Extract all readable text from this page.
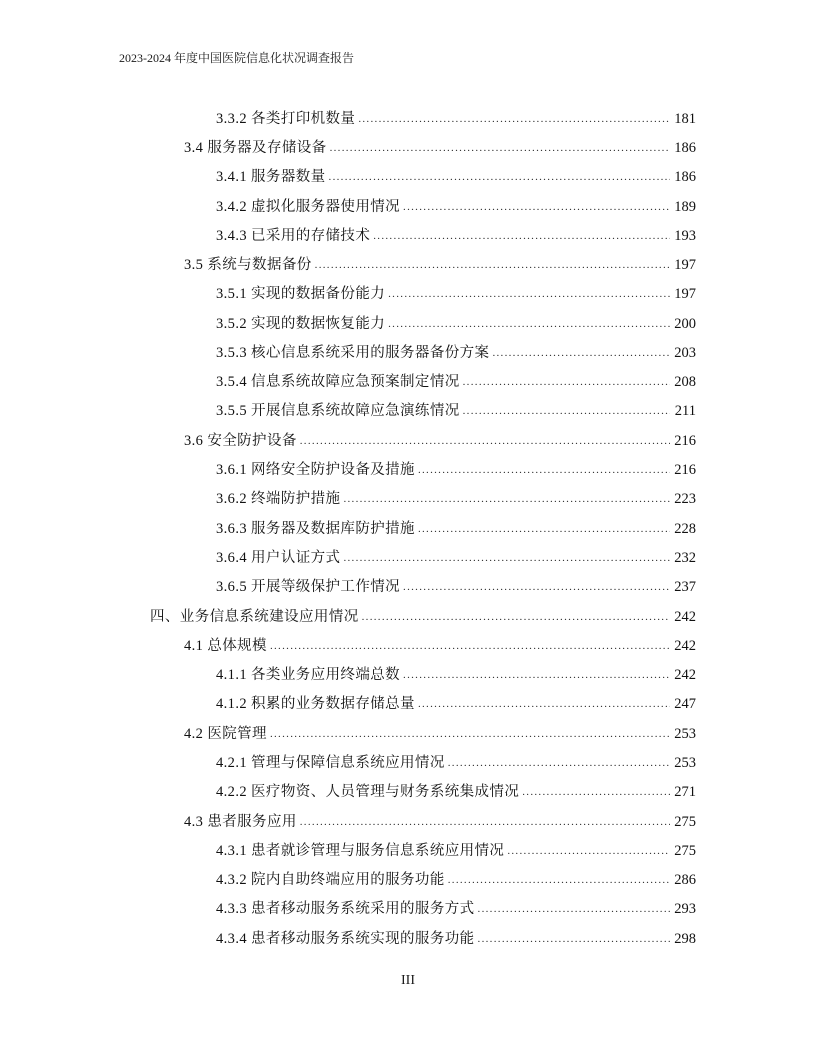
2023-2024 年度中国医院信息化状况调查报告
3.3.2 各类打印机数量 .....	181
3.4 服务器及存储设备 .....	186
3.4.1 服务器数量 .....	186
3.4.2 虚拟化服务器使用情况 .....	189
3.4.3 已采用的存储技术 .....	193
3.5 系统与数据备份 .....	197
3.5.1 实现的数据备份能力 .....	197
3.5.2 实现的数据恢复能力 .....	200
3.5.3 核心信息系统采用的服务器备份方案 .....	203
3.5.4 信息系统故障应急预案制定情况 .....	208
3.5.5 开展信息系统故障应急演练情况 .....	211
3.6 安全防护设备 .....	216
3.6.1 网络安全防护设备及措施 .....	216
3.6.2 终端防护措施 .....	223
3.6.3 服务器及数据库防护措施 .....	228
3.6.4 用户认证方式 .....	232
3.6.5 开展等级保护工作情况 .....	237
四、业务信息系统建设应用情况 .....	242
4.1 总体规模 .....	242
4.1.1 各类业务应用终端总数 .....	242
4.1.2 积累的业务数据存储总量 .....	247
4.2 医院管理 .....	253
4.2.1 管理与保障信息系统应用情况 .....	253
4.2.2 医疗物资、人员管理与财务系统集成情况 .....	271
4.3 患者服务应用 .....	275
4.3.1 患者就诊管理与服务信息系统应用情况 .....	275
4.3.2 院内自助终端应用的服务功能 .....	286
4.3.3 患者移动服务系统采用的服务方式 .....	293
4.3.4 患者移动服务系统实现的服务功能 .....	298
III
